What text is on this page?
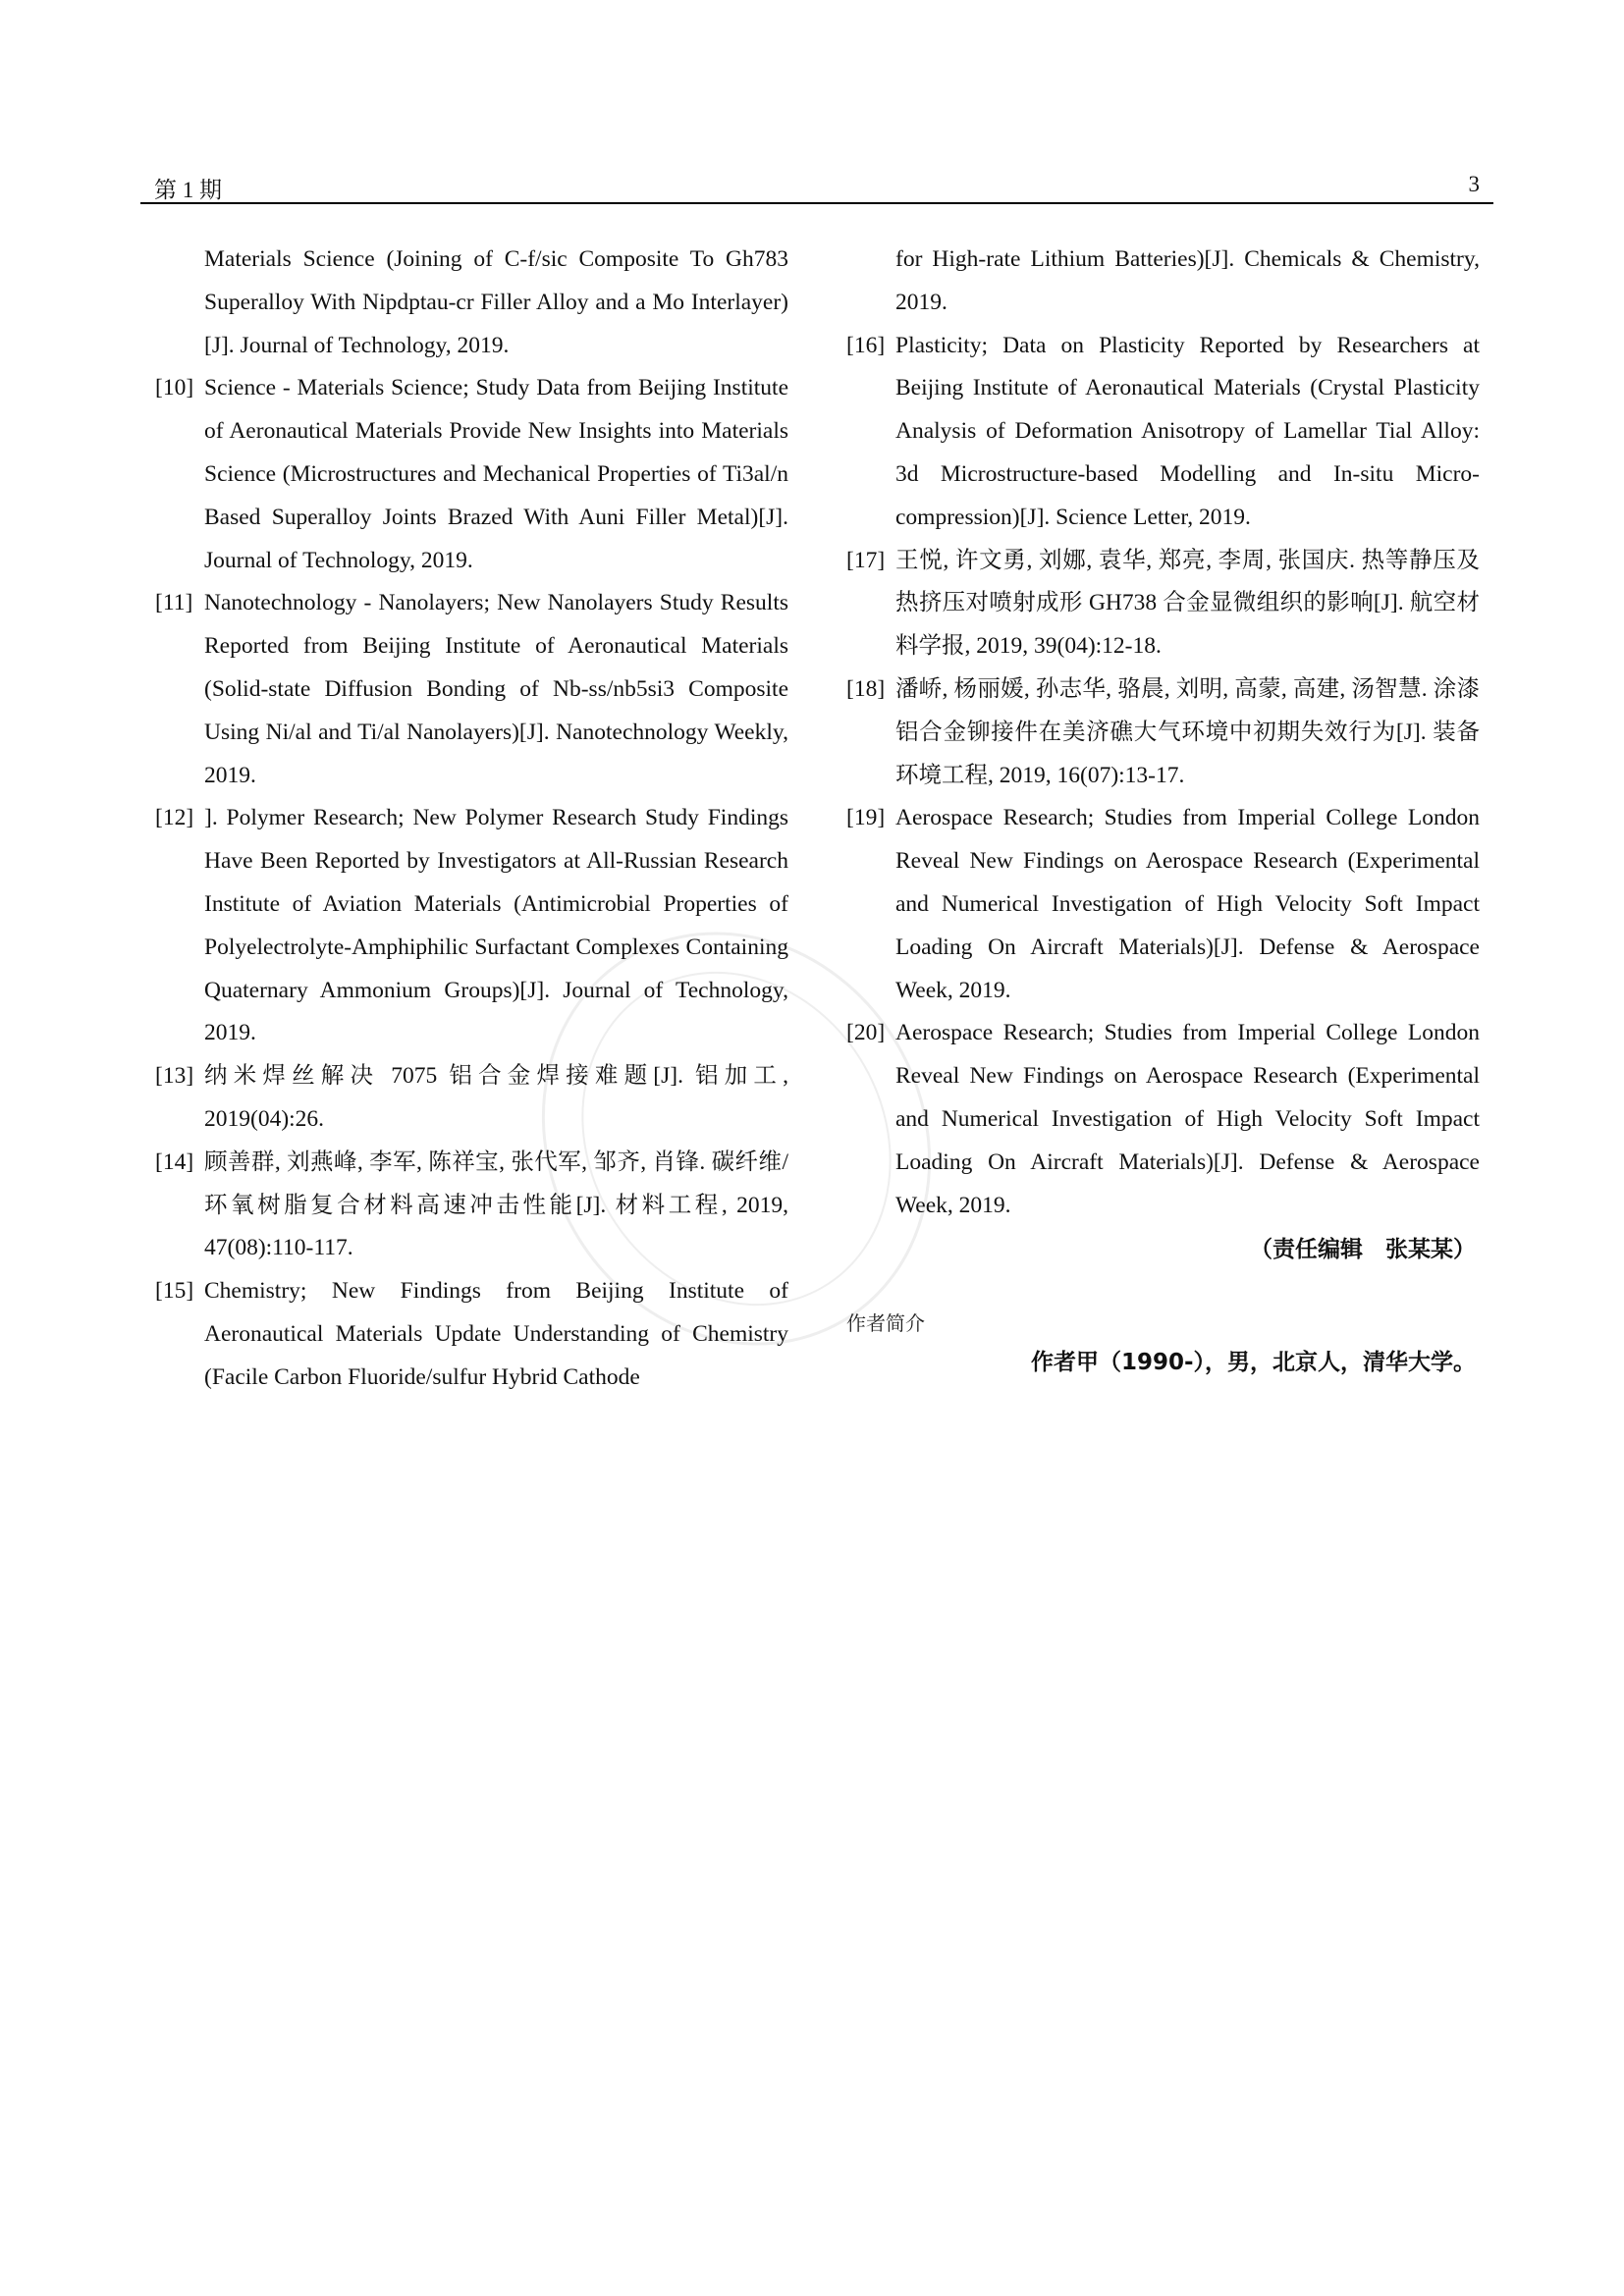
第 1 期	3
Materials Science (Joining of C-f/sic Composite To Gh783 Superalloy With Nipdptau-cr Filler Alloy and a Mo Interlayer)[J]. Journal of Technology, 2019.
[10] Science - Materials Science; Study Data from Beijing Institute of Aeronautical Materials Provide New Insights into Materials Science (Microstructures and Mechanical Properties of Ti3al/n Based Superalloy Joints Brazed With Auni Filler Metal)[J]. Journal of Technology, 2019.
[11] Nanotechnology - Nanolayers; New Nanolayers Study Results Reported from Beijing Institute of Aeronautical Materials (Solid-state Diffusion Bonding of Nb-ss/nb5si3 Composite Using Ni/al and Ti/al Nanolayers)[J]. Nanotechnology Weekly, 2019.
[12] ]. Polymer Research; New Polymer Research Study Findings Have Been Reported by Investigators at All-Russian Research Institute of Aviation Materials (Antimicrobial Properties of Polyelectrolyte-Amphiphilic Surfactant Complexes Containing Quaternary Ammonium Groups)[J]. Journal of Technology, 2019.
[13] 纳米焊丝解决 7075 铝合金焊接难题[J]. 铝加工, 2019(04):26.
[14] 顾善群, 刘燕峰, 李军, 陈祥宝, 张代军, 邹齐, 肖锋. 碳纤维/环氧树脂复合材料高速冲击性能[J]. 材料工程, 2019, 47(08):110-117.
[15] Chemistry; New Findings from Beijing Institute of Aeronautical Materials Update Understanding of Chemistry (Facile Carbon Fluoride/sulfur Hybrid Cathode
for High-rate Lithium Batteries)[J]. Chemicals & Chemistry, 2019.
[16] Plasticity; Data on Plasticity Reported by Researchers at Beijing Institute of Aeronautical Materials (Crystal Plasticity Analysis of Deformation Anisotropy of Lamellar Tial Alloy: 3d Microstructure-based Modelling and In-situ Micro-compression)[J]. Science Letter, 2019.
[17] 王悦, 许文勇, 刘娜, 袁华, 郑亮, 李周, 张国庆. 热等静压及热挤压对喷射成形 GH738 合金显微组织的影响[J]. 航空材料学报, 2019, 39(04):12-18.
[18] 潘峤, 杨丽媛, 孙志华, 骆晨, 刘明, 高蒙, 高建, 汤智慧. 涂漆铝合金铆接件在美济礁大气环境中初期失效行为[J]. 装备环境工程, 2019, 16(07):13-17.
[19] Aerospace Research; Studies from Imperial College London Reveal New Findings on Aerospace Research (Experimental and Numerical Investigation of High Velocity Soft Impact Loading On Aircraft Materials)[J]. Defense & Aerospace Week, 2019.
[20] Aerospace Research; Studies from Imperial College London Reveal New Findings on Aerospace Research (Experimental and Numerical Investigation of High Velocity Soft Impact Loading On Aircraft Materials)[J]. Defense & Aerospace Week, 2019.
（责任编辑　张某某）
作者简介
作者甲（1990-），男，北京人，清华大学。
